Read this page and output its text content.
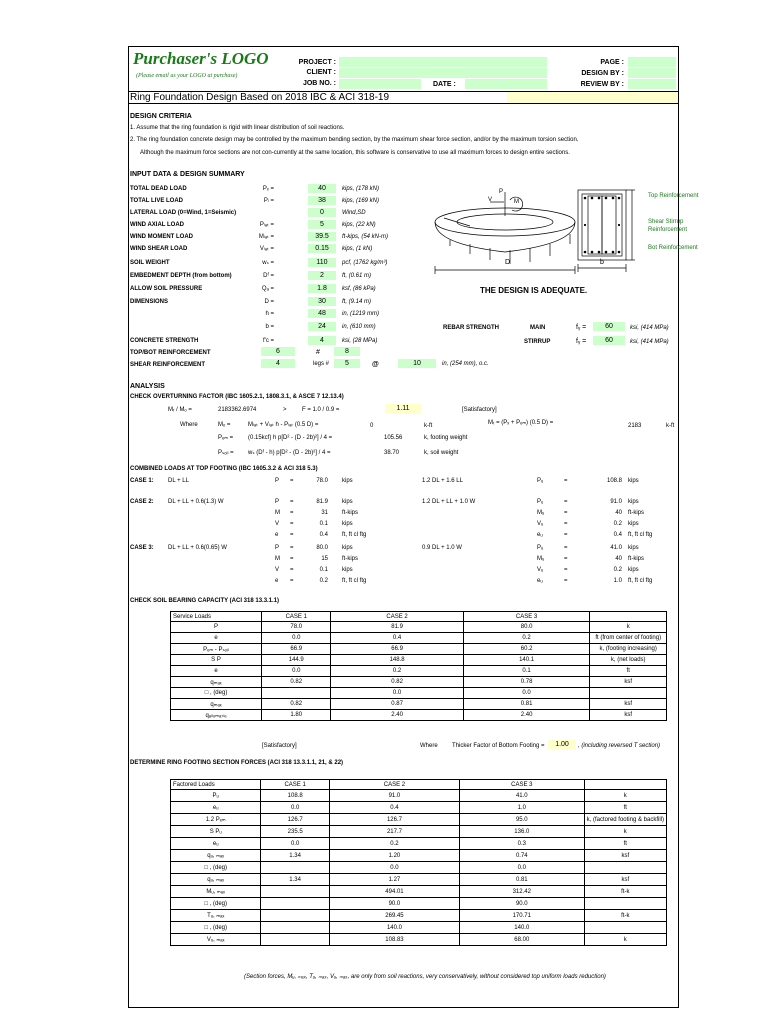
Purchaser's LOGO
(Please email us your LOGO at purchase)
PROJECT :
CLIENT :
JOB NO. :	DATE :
PAGE :
DESIGN BY :
REVIEW BY :
Ring Foundation Design Based on 2018 IBC & ACI 318-19
DESIGN CRITERIA
1. Assume that the ring foundation is rigid with linear distribution of soil reactions.
2. The ring foundation concrete design may be controlled by the maximum bending section, by the maximum shear force section, and/or by the maximum torsion section.
Although the maximum force sections are not con-currently at the same location, this software is conservative to use all maximum forces to design entire sections.
INPUT DATA & DESIGN SUMMARY
TOTAL DEAD LOAD	Pₓ =	40	kips, (178 kN)
TOTAL LIVE LOAD	Pₗ =	38	kips, (169 kN)
LATERAL LOAD (0=Wind, 1=Seismic)	0	Wind,SD
WIND AXIAL LOAD	Pₗₐₜ =	5	kips, (22 kN)
WIND MOMENT LOAD	Mₗₐₜ =	39.5	ft-kips, (54 kN-m)
WIND SHEAR LOAD	Vₗₐₜ =	0.15	kips, (1 kN)
SOIL WEIGHT	wₛ =	110	pcf, (1762 kg/m³)
EMBEDMENT DEPTH (from bottom)	Dᶠ =	2	ft, (0.61 m)
ALLOW SOIL PRESSURE	Qₐ =	1.8	ksf, (86 kPa)
DIMENSIONS	D =	30	ft, (9.14 m)
h =	48	in, (1219 mm)
b =	24	in, (610 mm)
CONCRETE STRENGTH	f'c =	4	ksi, (28 MPa)
TOP/BOT REINFORCEMENT	6	#	8
SHEAR REINFORCEMENT	4	legs #	5	@	10	in, (254 mm), o.c.
REBAR STRENGTH	MAIN	fᵧ =	60	ksi, (414 MPa)
STIRRUP	fᵧ =	60	ksi, (414 MPa)
THE DESIGN IS ADEQUATE.
P
V	M
D	b
Top Reinforcement
Shear Stirrup
Reinforcement
Bot Reinforcement
ANALYSIS
CHECK OVERTURNING FACTOR (IBC 1605.2.1, 1808.3.1, & ASCE 7 12.13.4)
Mᵣ / Mₒ =	2183362.6974	>	F = 1.0 / 0.9 =	1.11	[Satisfactory]
Where	Mₒ =	Mₗₐₜ + Vₗₐₜ h - Pₗₐₜ (0.5 D) =	0	k-ft	Mᵣ = (Pₓ + Pₑₘ) (0.5 D) =	2183	k-ft
Pₑₘ = (0.15kcf) h p[D² - (D - 2b)²] / 4 =	105.56	k, footing weight
Pₛₒᵢₗ = wₛ (Dᶠ - h) p[D² - (D - 2b)²] / 4 =	38.70	k, soil weight
COMBINED LOADS AT TOP FOOTING (IBC 1605.3.2 & ACI 318 5.3)
CASE 1: DL + LL	1.2 DL + 1.6 LL
P =	78.0 kips	Pᵤ	=	108.8 kips
CASE 2: DL + LL + 0.6(1.3) W	1.2 DL + LL + 1.0 W
P =	81.9 kips
M =	31 ft-kips
V =	0.1 kips
e =	0.4 ft, ft cl ftg
Pᵤ	=	91.0 kips
Mᵤ	=	40 ft-kips
Vᵤ	=	0.2 kips
eᵤ	=	0.4 ft, ft cl ftg
CASE 3: DL + LL + 0.6(0.65) W	0.9 DL + 1.0 W
P =	80.0 kips
M =	15 ft-kips
V =	0.1 kips
e =	0.2 ft, ft cl ftg
Pᵤ	=	41.0 kips
Mᵤ	=	40 ft-kips
Vᵤ	=	0.2 kips
eᵤ	=	1.0 ft, ft cl ftg
CHECK SOIL BEARING CAPACITY (ACI 318 13.3.1.1)
Service Loads	CASE 1	CASE 2	CASE 3	
P	78.0	81.9	80.0	k
e	0.0	0.4	0.2	ft (from center of footing)
Pₑₘ - Pₛₒᵢₗ	66.9	66.9	60.2	k, (footing increasing)
S P	144.9	148.8	140.1	k, (net loads)
e	0.0	0.2	0.1	ft
qₘₐₓ	0.82	0.82	0.78	ksf
□ , (deg)		0.0	0.0	
qₘₐₓ	0.82	0.87	0.81	ksf
qₐₗₗₒₘₐ₇ₗₑ	1.80	2.40	2.40	ksf
[Satisfactory]	Where Thicker Factor of Bottom Footing =	1.00	, (including reversed T section)
DETERMINE RING FOOTING SECTION FORCES (ACI 318 13.3.1.1, 21, & 22)
Factored Loads	CASE 1	CASE 2	CASE 3	
Pᵤ	108.8	91.0	41.0	k
eᵤ	0.0	0.4	1.0	ft
1.2 Pₑₘ	126.7	126.7	95.0	k, (factored footing & backfill)
S Pᵤ	235.5	217.7	136.0	k
eᵤ	0.0	0.2	0.3	ft
qᵤ, ₘₐₓ	1.34	1.20	0.74	ksf
□ , (deg)		0.0	0.0	
qᵤ, ₘₐₓ	1.34	1.27	0.81	ksf
Mᵤ, ₘₐₓ		494.01	312.42	ft-k
□ , (deg)		90.0	90.0	
Tᵤ, ₘₐₓ		269.45	170.71	ft-k
□ , (deg)		140.0	140.0	
Vᵤ, ₘₐₓ		108.83	68.00	k
(Section forces, Mᵤ, ₘₐₓ, Tᵤ, ₘₐₓ, Vᵤ, ₘₐₓ, are only from soil reactions, very conservatively, without considered top uniform loads reduction)
